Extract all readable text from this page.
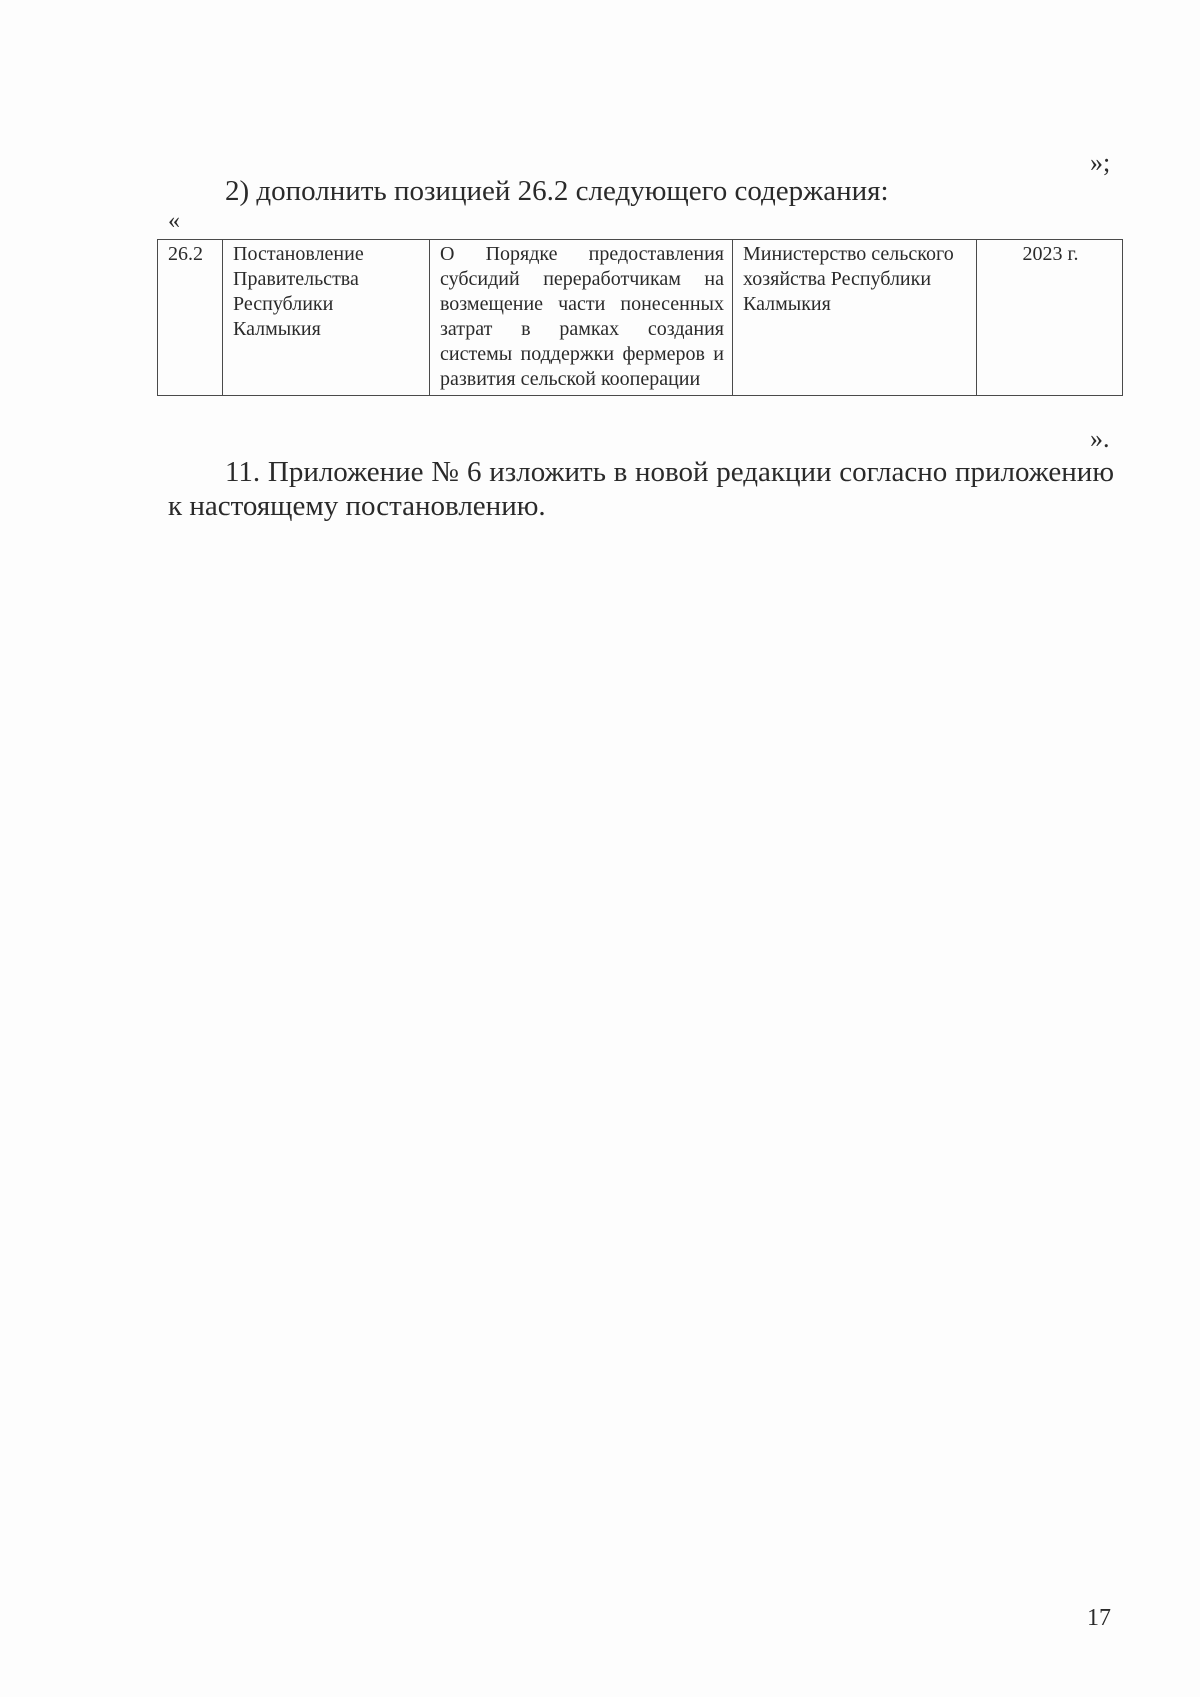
»;
2) дополнить позицией 26.2 следующего содержания:
«
26.2	Постановление Правительства Республики Калмыкия	О Порядке предоставления субсидий переработчикам на возмещение части понесенных затрат в рамках создания системы поддержки фермеров и развития сельской кооперации	Министерство сельского хозяйства Республики Калмыкия	2023 г.
».

11. Приложение № 6 изложить в новой редакции согласно приложению к настоящему постановлению.

17
